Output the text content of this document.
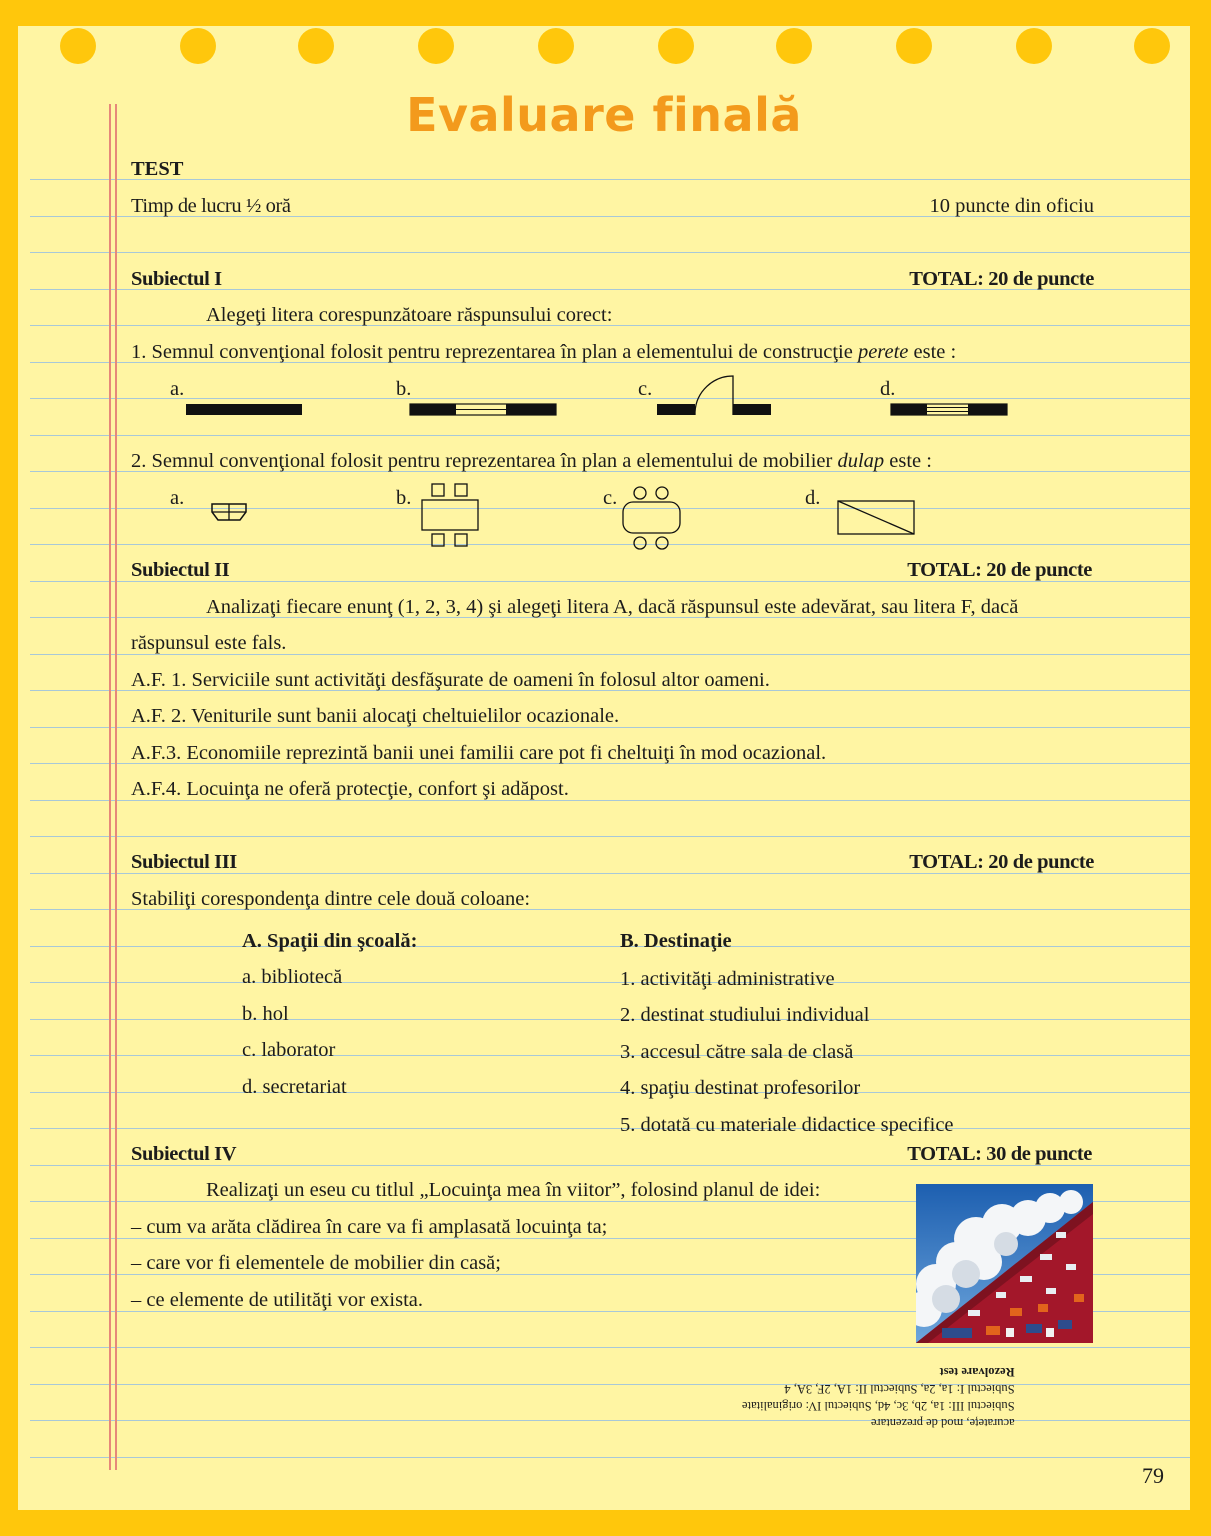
Evaluare finală
TEST
Timp de lucru ½ oră	10 puncte din oficiu
Subiectul I	TOTAL: 20 de puncte
Alegeţi litera corespunzătoare răspunsului corect:
1. Semnul convenţional folosit pentru reprezentarea în plan a elementului de construcţie perete este :
a.	b.	c.	d.
2. Semnul convenţional folosit pentru reprezentarea în plan a elementului de mobilier dulap este :
a.	b.	c.	d.
Subiectul II	TOTAL: 20 de puncte
Analizaţi fiecare enunţ (1, 2, 3, 4) şi alegeţi litera A, dacă răspunsul este adevărat, sau litera F, dacă
răspunsul este fals.
A.F. 1. Serviciile sunt activităţi desfăşurate de oameni în folosul altor oameni.
A.F. 2. Veniturile sunt banii alocaţi cheltuielilor ocazionale.
A.F.3. Economiile reprezintă banii unei familii care pot fi cheltuiţi în mod ocazional.
A.F.4. Locuinţa ne oferă protecţie, confort şi adăpost.
Subiectul III	TOTAL: 20 de puncte
Stabiliţi corespondenţa dintre cele două coloane:
A. Spaţii din şcoală:
a. bibliotecă
b. hol
c. laborator
d. secretariat
B. Destinaţie
1. activităţi administrative
2. destinat studiului individual
3. accesul către sala de clasă
4. spaţiu destinat profesorilor
5. dotată cu materiale didactice specifice
Subiectul IV	TOTAL: 30 de puncte
Realizaţi un eseu cu titlul „Locuinţa mea în viitor”, folosind planul de idei:
– cum va arăta clădirea în care va fi amplasată locuinţa ta;
– care vor fi elementele de mobilier din casă;
– ce elemente de utilităţi vor exista.
acuratețe, mod de prezentare
Subiectul III: 1a, 2b, 3c, 4d, Subiectul IV: originalitate
Subiectul I: 1a, 2a, Subiectul II: 1A, 2F, 3A, 4
Rezolvare test
79
